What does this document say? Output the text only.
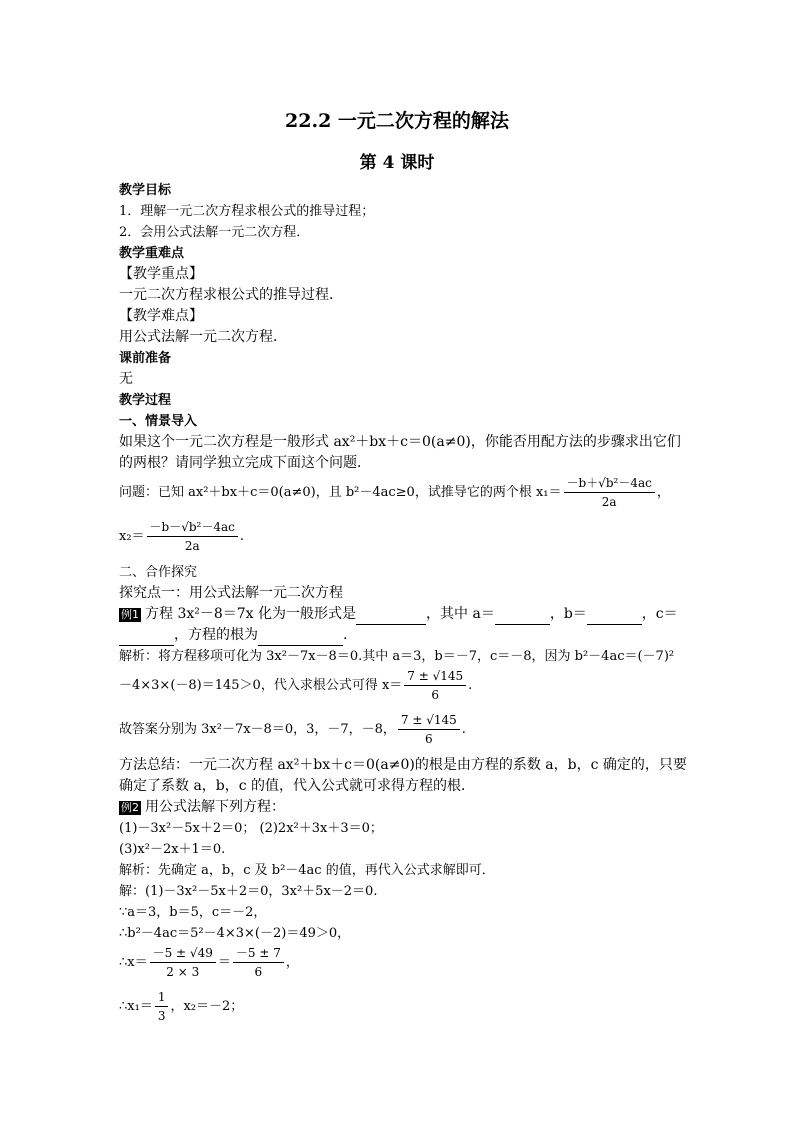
22.2 一元二次方程的解法
第 4 课时
教学目标
1．理解一元二次方程求根公式的推导过程；
2．会用公式法解一元二次方程．
教学重难点
【教学重点】
一元二次方程求根公式的推导过程．
【教学难点】
用公式法解一元二次方程．
课前准备
无
教学过程
一、情景导入
如果这个一元二次方程是一般形式 ax²＋bx＋c＝0(a≠0)，你能否用配方法的步骤求出它们
的两根？请同学独立完成下面这个问题．
问题：已知 ax²＋bx＋c＝0(a≠0)，且 b²－4ac≥0，试推导它的两个根 $x_1= \frac{\text{－b＋√b²－4ac}}{2a}$ ，
$x_2= \frac{\text{－b－√b²－4ac}}{2a}$ .
二、合作探究
探究点一：用公式法解一元二次方程
例1 方程 3x²－8＝7x 化为一般形式是	，其中 a＝	，b＝	，c＝
，方程的根为	.
解析：将方程移项可化为 3x²－7x－8＝0.其中 a＝3，b＝－7，c＝－8，因为 b²－4ac＝(－7)²
－4×3×(－8)＝145＞0，代入求根公式可得 $x= \frac{7 \pm √145}{6}$ .
故答案分别为 3x²－7x－8＝0，3，－7，－8， $\frac{7 \pm √145}{6}$ .
方法总结：一元二次方程 ax²＋bx＋c＝0(a≠0)的根是由方程的系数 a，b，c 确定的，只要
确定了系数 a，b，c 的值，代入公式就可求得方程的根．
例2 用公式法解下列方程：
(1)－3x²－5x＋2＝0； (2)2x²＋3x＋3＝0；
(3)x²－2x＋1＝0.
解析：先确定 a，b，c 及 b²－4ac 的值，再代入公式求解即可．
解：(1)－3x²－5x＋2＝0，3x²＋5x－2＝0.
∵a＝3，b＝5，c＝－2，
∴b²－4ac＝5²－4×3×(－2)＝49＞0，
∴x＝ $\frac{-5 \pm √49}{2 \times 3} = \frac{-5 \pm 7}{6}$ ，
∴x₁＝ $\frac{1}{3}$ ，x₂＝－2；
